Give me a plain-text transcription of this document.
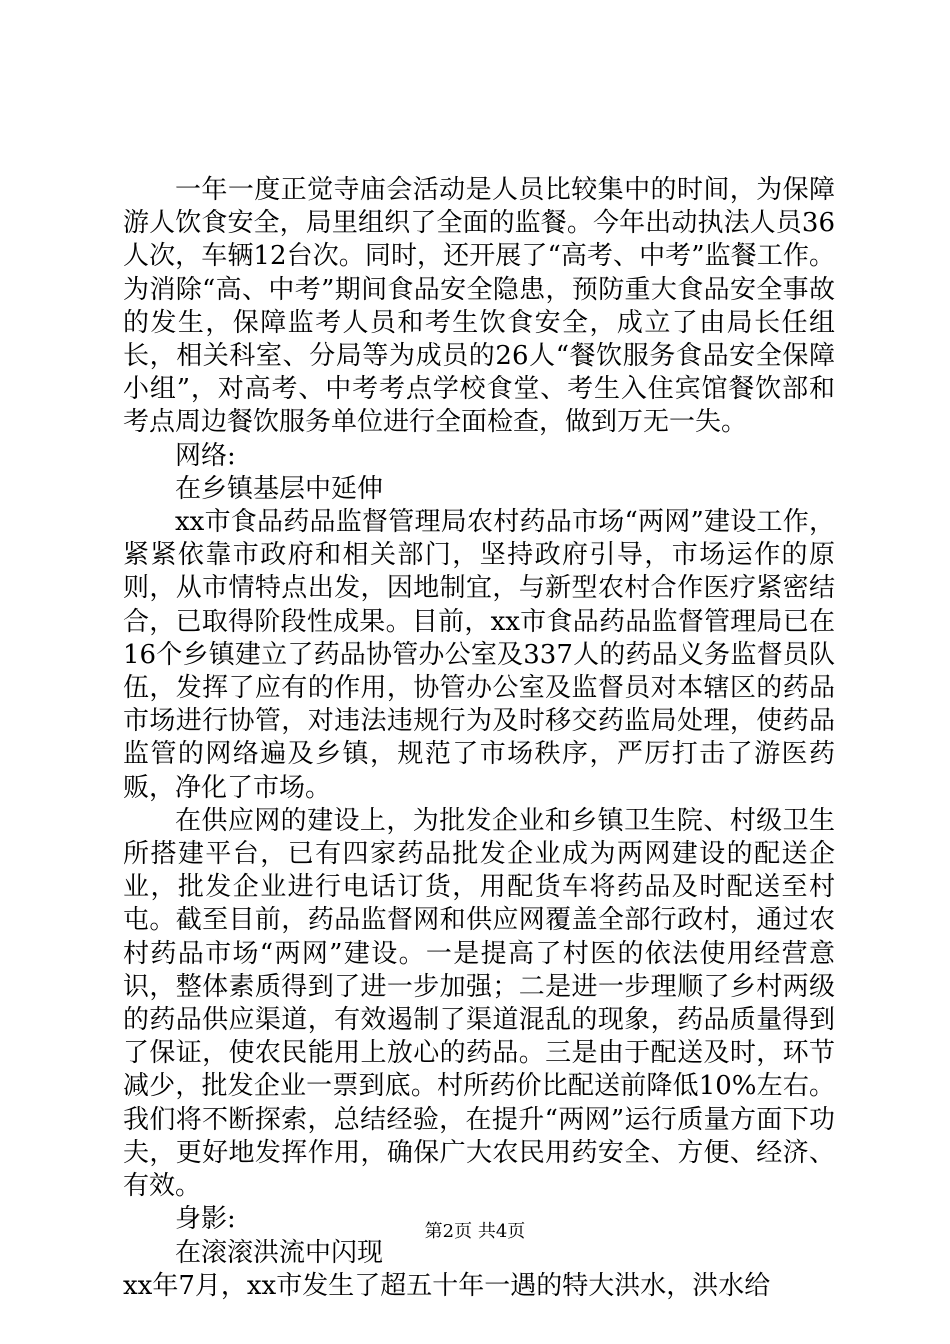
一年一度正觉寺庙会活动是人员比较集中的时间，为保障游人饮食安全，局里组织了全面的监餐。今年出动执法人员36人次，车辆12台次。同时，还开展了“高考、中考”监餐工作。为消除“高、中考”期间食品安全隐患，预防重大食品安全事故的发生，保障监考人员和考生饮食安全，成立了由局长任组长，相关科室、分局等为成员的26人“餐饮服务食品安全保障小组”，对高考、中考考点学校食堂、考生入住宾馆餐饮部和考点周边餐饮服务单位进行全面检查，做到万无一失。

网络:

在乡镇基层中延伸

xx市食品药品监督管理局农村药品市场“两网”建设工作，紧紧依靠市政府和相关部门，坚持政府引导，市场运作的原则，从市情特点出发，因地制宜，与新型农村合作医疗紧密结合，已取得阶段性成果。目前，xx市食品药品监督管理局已在16个乡镇建立了药品协管办公室及337人的药品义务监督员队伍，发挥了应有的作用，协管办公室及监督员对本辖区的药品市场进行协管，对违法违规行为及时移交药监局处理，使药品监管的网络遍及乡镇，规范了市场秩序，严厉打击了游医药贩，净化了市场。

在供应网的建设上，为批发企业和乡镇卫生院、村级卫生所搭建平台，已有四家药品批发企业成为两网建设的配送企业，批发企业进行电话订货，用配货车将药品及时配送至村屯。截至目前，药品监督网和供应网覆盖全部行政村，通过农村药品市场“两网”建设。一是提高了村医的依法使用经营意识，整体素质得到了进一步加强；二是进一步理顺了乡村两级的药品供应渠道，有效遏制了渠道混乱的现象，药品质量得到了保证，使农民能用上放心的药品。三是由于配送及时，环节减少，批发企业一票到底。村所药价比配送前降低10%左右。我们将不断探索，总结经验，在提升“两网”运行质量方面下功夫，更好地发挥作用，确保广大农民用药安全、方便、经济、有效。

身影:

在滚滚洪流中闪现

xx年7月，xx市发生了超五十年一遇的特大洪水，洪水给

第2页 共4页
